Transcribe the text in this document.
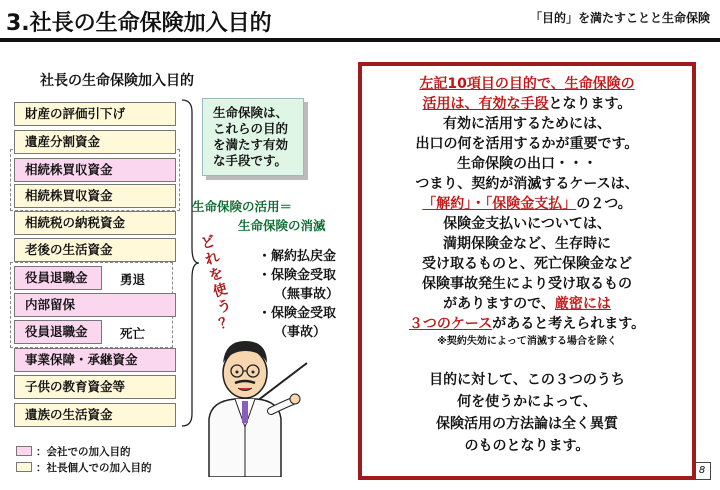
3.社長の生命保険加入目的	「目的」を満たすことと生命保険
社長の生命保険加入目的
財産の評価引下げ
遺産分割資金
相続株買収資金
相続株買収資金
相続税の納税資金
老後の生活資金
役員退職金
内部留保
役員退職金
事業保障・承継資金
子供の教育資金等
遺族の生活資金
勇退
死亡
生命保険は、
これらの目的
を満たす有効
な手段です。
生命保険の活用＝
生命保険の消滅
ど
れ
を
使
う
？
・解約払戻金
・保険金受取
（無事故）
・保険金受取
（事故）
：会社での加入目的
：社長個人での加入目的
左記10項目の目的で、生命保険の
活用は、有効な手段となります。
有効に活用するためには、
出口の何を活用するかが重要です。
生命保険の出口・・・
つまり、契約が消滅するケースは、
「解約」・「保険金支払」の２つ。
保険金支払いについては、
満期保険金など、生存時に
受け取るものと、死亡保険金など
保険事故発生により受け取るもの
がありますので、厳密には
３つのケースがあると考えられます。
※契約失効によって消滅する場合を除く
目的に対して、この３つのうち
何を使うかによって、
保険活用の方法論は全く異質
のものとなります。
8
